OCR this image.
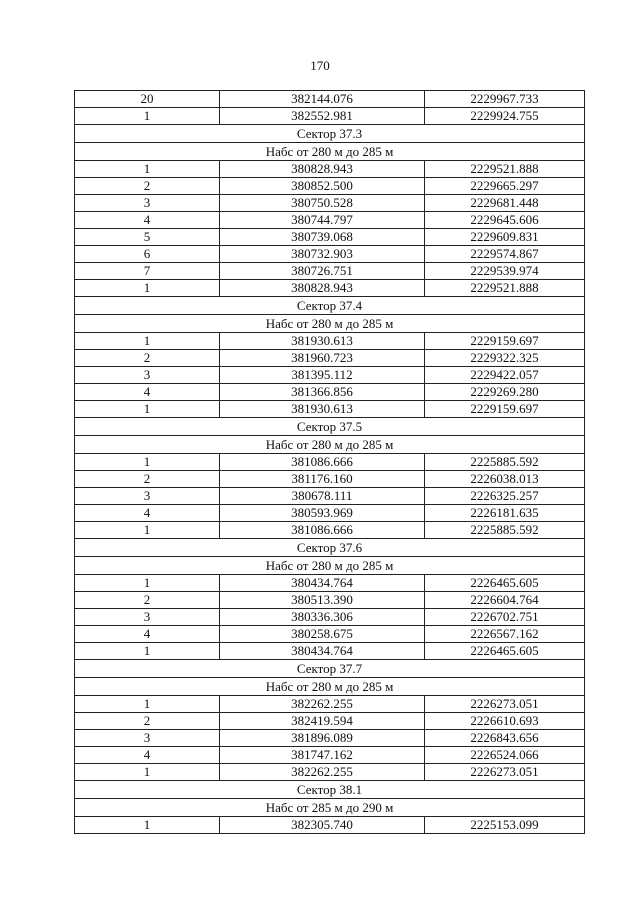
170
20	382144.076	2229967.733
1	382552.981	2229924.755
Сектор 37.3		
Набс от 280 м до 285 м		
1	380828.943	2229521.888
2	380852.500	2229665.297
3	380750.528	2229681.448
4	380744.797	2229645.606
5	380739.068	2229609.831
6	380732.903	2229574.867
7	380726.751	2229539.974
1	380828.943	2229521.888
Сектор 37.4		
Набс от 280 м до 285 м		
1	381930.613	2229159.697
2	381960.723	2229322.325
3	381395.112	2229422.057
4	381366.856	2229269.280
1	381930.613	2229159.697
Сектор 37.5		
Набс от 280 м до 285 м		
1	381086.666	2225885.592
2	381176.160	2226038.013
3	380678.111	2226325.257
4	380593.969	2226181.635
1	381086.666	2225885.592
Сектор 37.6		
Набс от 280 м до 285 м		
1	380434.764	2226465.605
2	380513.390	2226604.764
3	380336.306	2226702.751
4	380258.675	2226567.162
1	380434.764	2226465.605
Сектор 37.7		
Набс от 280 м до 285 м		
1	382262.255	2226273.051
2	382419.594	2226610.693
3	381896.089	2226843.656
4	381747.162	2226524.066
1	382262.255	2226273.051
Сектор 38.1		
Набс от 285 м до 290 м		
1	382305.740	2225153.099
